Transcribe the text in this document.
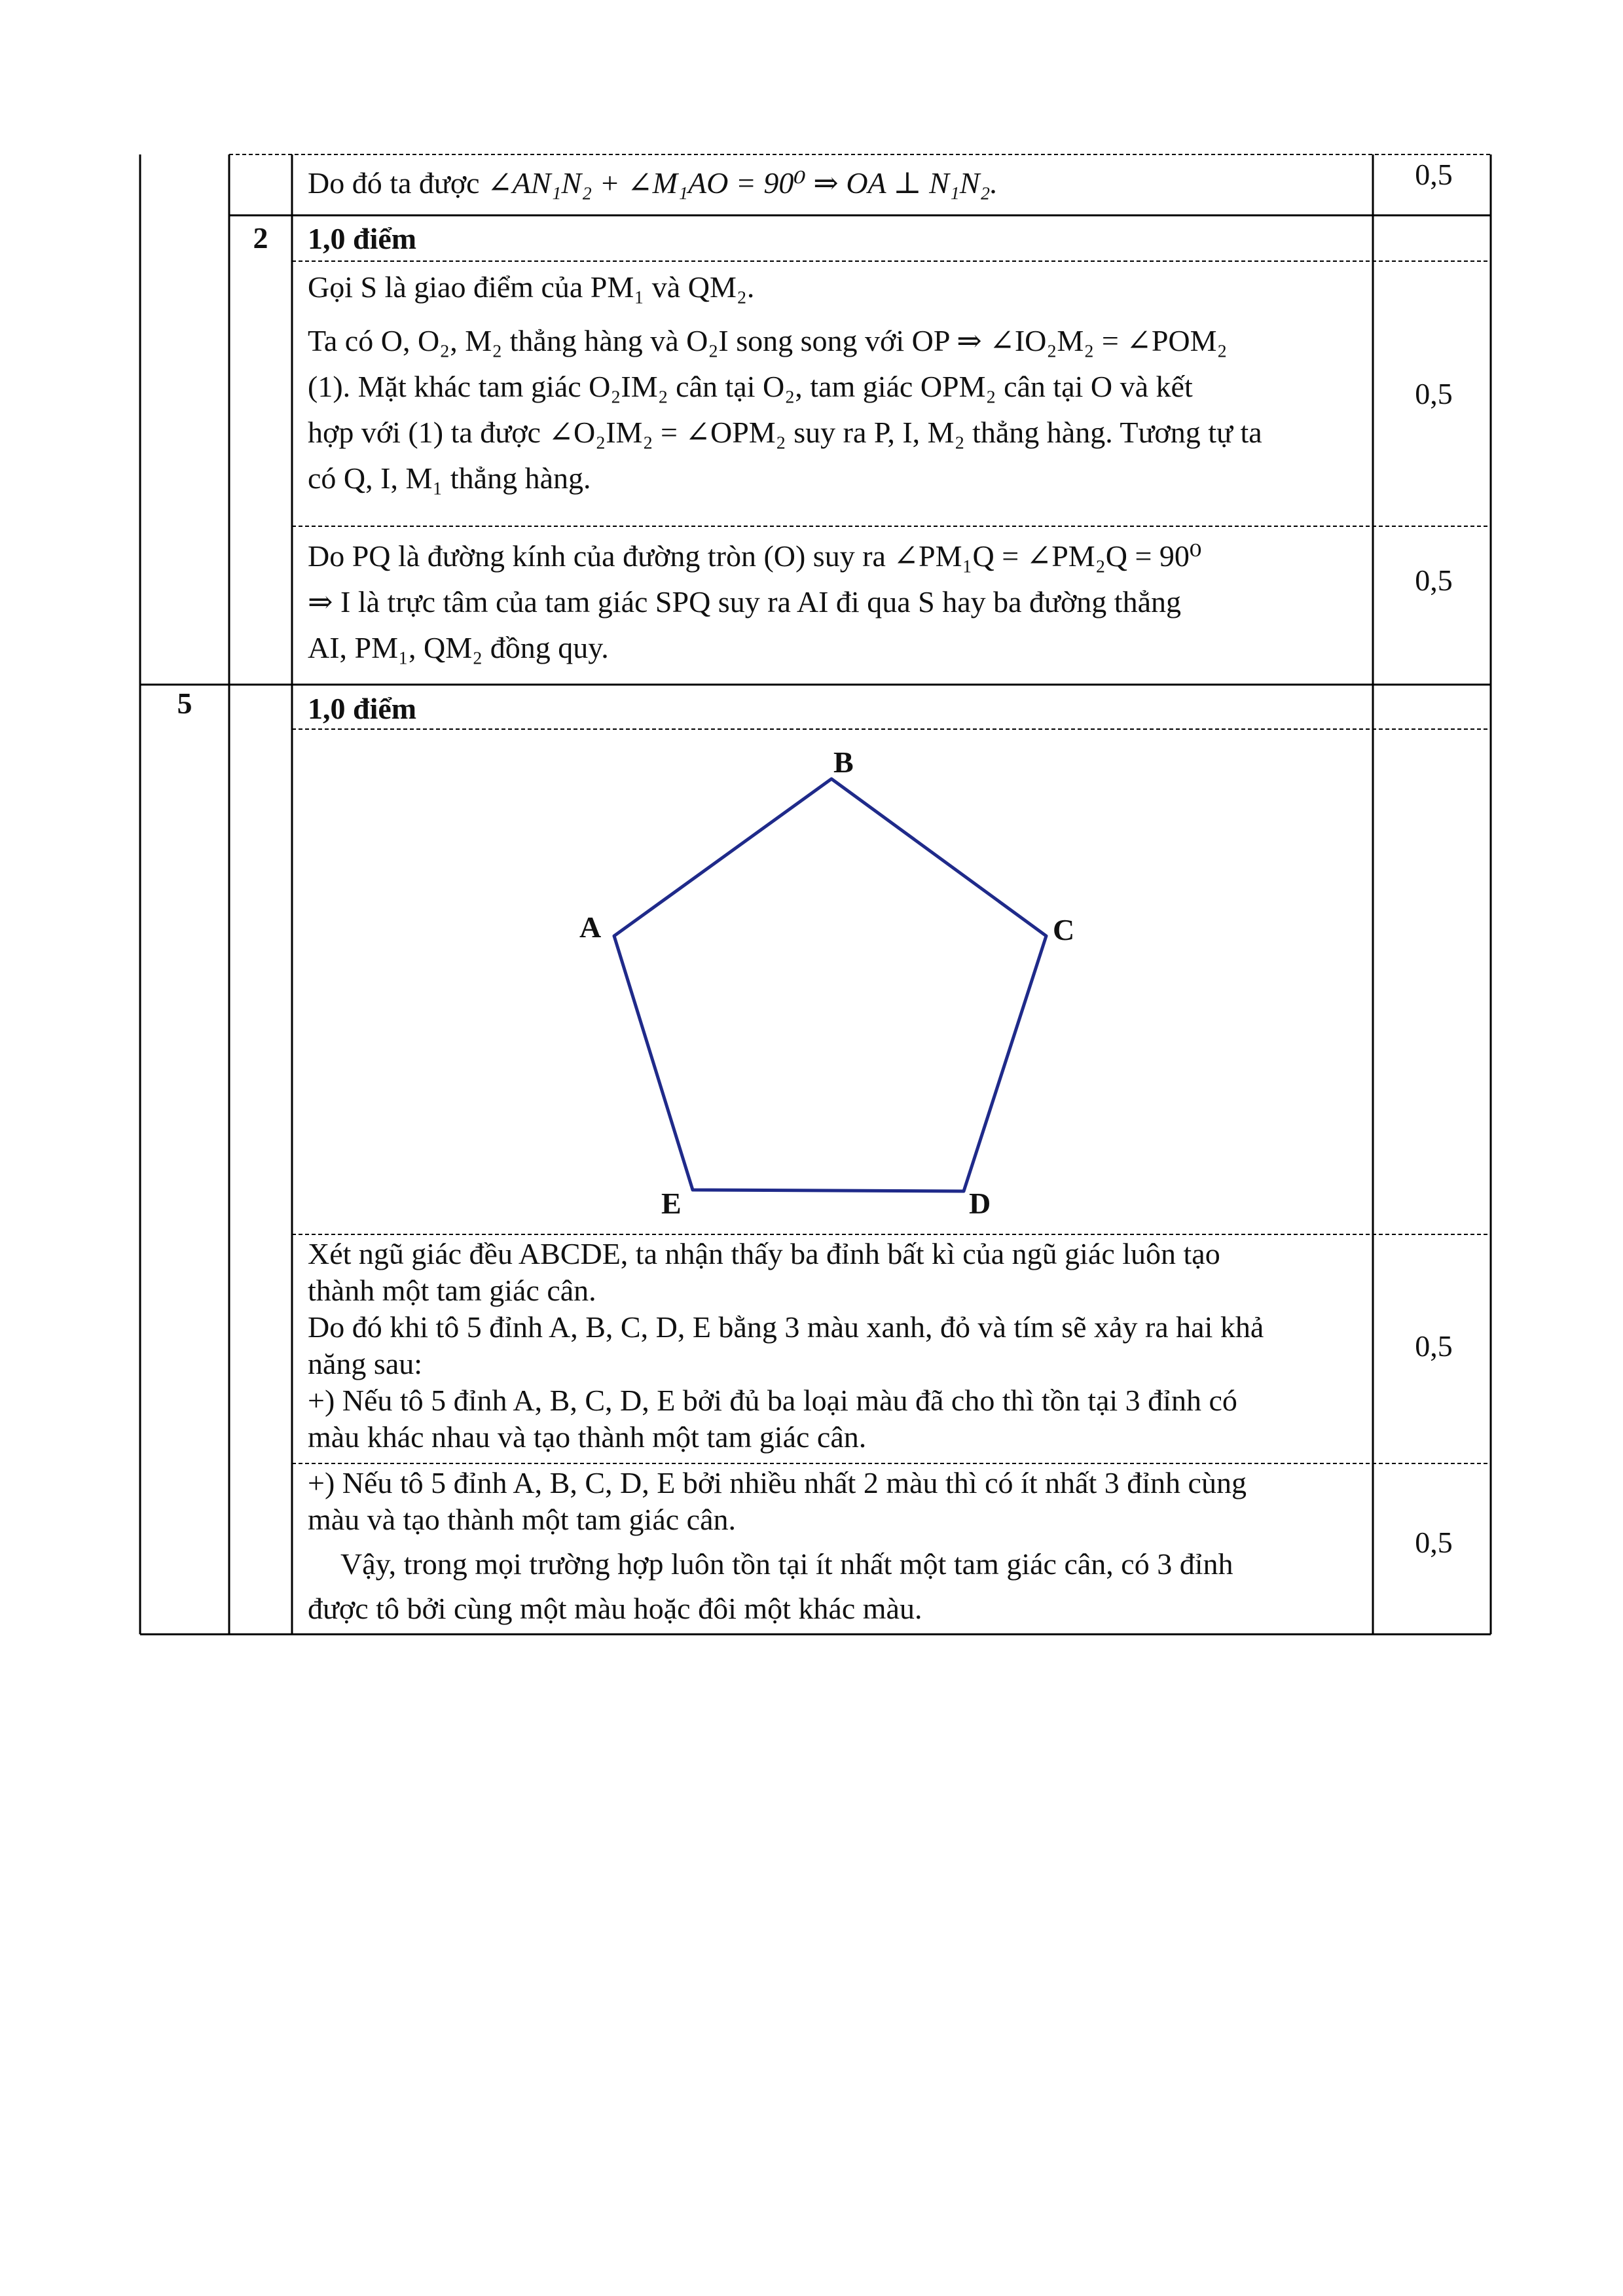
Do đó ta được ∠AN₁N₂ + ∠M₁AO = 90⁰ ⇒ OA ⊥ N₁N₂.	0,5
2	1,0 điểm

Gọi S là giao điểm của PM₁ và QM₂.

Ta có O, O₂, M₂ thẳng hàng và O₂I song song với OP ⇒ ∠IO₂M₂ = ∠POM₂

(1). Mặt khác tam giác O₂IM₂ cân tại O₂, tam giác OPM₂ cân tại O và kết

hợp với (1) ta được ∠O₂IM₂ = ∠OPM₂ suy ra P, I, M₂ thẳng hàng. Tương tự ta

có Q, I, M₁ thẳng hàng.

0,5

Do PQ là đường kính của đường tròn (O) suy ra ∠PM₁Q = ∠PM₂Q = 90⁰

⇒ I là trực tâm của tam giác SPQ suy ra AI đi qua S hay ba đường thẳng

AI, PM₁, QM₂ đồng quy.

0,5
5	1,0 điểm
B
A	C
D
E

Xét ngũ giác đều ABCDE, ta nhận thấy ba đỉnh bất kì của ngũ giác luôn tạo

thành một tam giác cân.

Do đó khi tô 5 đỉnh A, B, C, D, E bằng 3 màu xanh, đỏ và tím sẽ xảy ra hai khả

năng sau:

+) Nếu tô 5 đỉnh A, B, C, D, E bởi đủ ba loại màu đã cho thì tồn tại 3 đỉnh có

màu khác nhau và tạo thành một tam giác cân.

0,5

+) Nếu tô 5 đỉnh A, B, C, D, E bởi nhiều nhất 2 màu thì có ít nhất 3 đỉnh cùng

màu và tạo thành một tam giác cân.

Vậy, trong mọi trường hợp luôn tồn tại ít nhất một tam giác cân, có 3 đỉnh

được tô bởi cùng một màu hoặc đôi một khác màu.

0,5
